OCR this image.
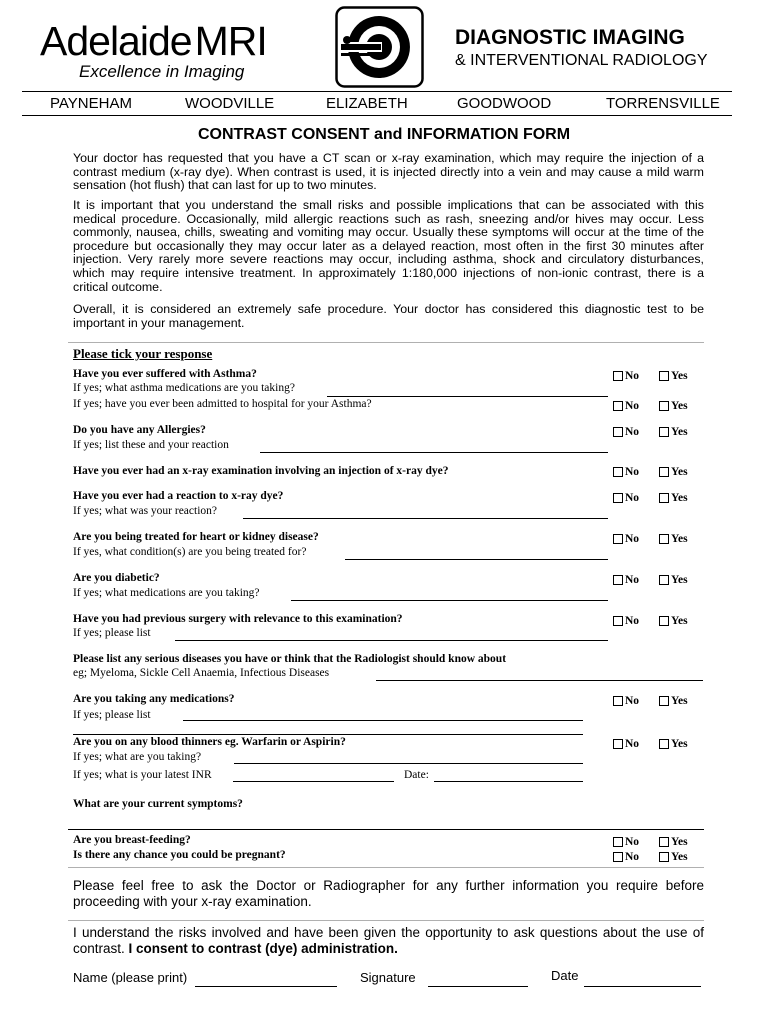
AdelaideMRI
Excellence in Imaging
DIAGNOSTIC IMAGING
& INTERVENTIONAL RADIOLOGY
PAYNEHAM	WOODVILLE	ELIZABETH	GOODWOOD	TORRENSVILLE
CONTRAST CONSENT and INFORMATION FORM
Your doctor has requested that you have a CT scan or x-ray examination, which may require the injection of a contrast medium (x-ray dye). When contrast is used, it is injected directly into a vein and may cause a mild warm sensation (hot flush) that can last for up to two minutes.
It is important that you understand the small risks and possible implications that can be associated with this medical procedure. Occasionally, mild allergic reactions such as rash, sneezing and/or hives may occur. Less commonly, nausea, chills, sweating and vomiting may occur. Usually these symptoms will occur at the time of the procedure but occasionally they may occur later as a delayed reaction, most often in the first 30 minutes after injection. Very rarely more severe reactions may occur, including asthma, shock and circulatory disturbances, which may require intensive treatment. In approximately 1:180,000 injections of non-ionic contrast, there is a critical outcome.
Overall, it is considered an extremely safe procedure. Your doctor has considered this diagnostic test to be important in your management.
Please tick your response
Have you ever suffered with Asthma?	No	Yes
If yes; what asthma medications are you taking?
If yes; have you ever been admitted to hospital for your Asthma?	No	Yes
Do you have any Allergies?	No	Yes
If yes; list these and your reaction
Have you ever had an x-ray examination involving an injection of x-ray dye?	No	Yes
Have you ever had a reaction to x-ray dye?	No	Yes
If yes; what was your reaction?
Are you being treated for heart or kidney disease?	No	Yes
If yes, what condition(s) are you being treated for?
Are you diabetic?	No	Yes
If yes; what medications are you taking?
Have you had previous surgery with relevance to this examination?	No	Yes
If yes; please list
Please list any serious diseases you have or think that the Radiologist should know about
eg; Myeloma, Sickle Cell Anaemia, Infectious Diseases
Are you taking any medications?	No	Yes
If yes; please list
Are you on any blood thinners eg. Warfarin or Aspirin?	No	Yes
If yes; what are you taking?
If yes; what is your latest INR	Date:
What are your current symptoms?
Are you breast-feeding?	No	Yes
Is there any chance you could be pregnant?	No	Yes
Please feel free to ask the Doctor or Radiographer for any further information you require before proceeding with your x-ray examination.
I understand the risks involved and have been given the opportunity to ask questions about the use of contrast. I consent to contrast (dye) administration.
Name (please print)	Signature	Date
